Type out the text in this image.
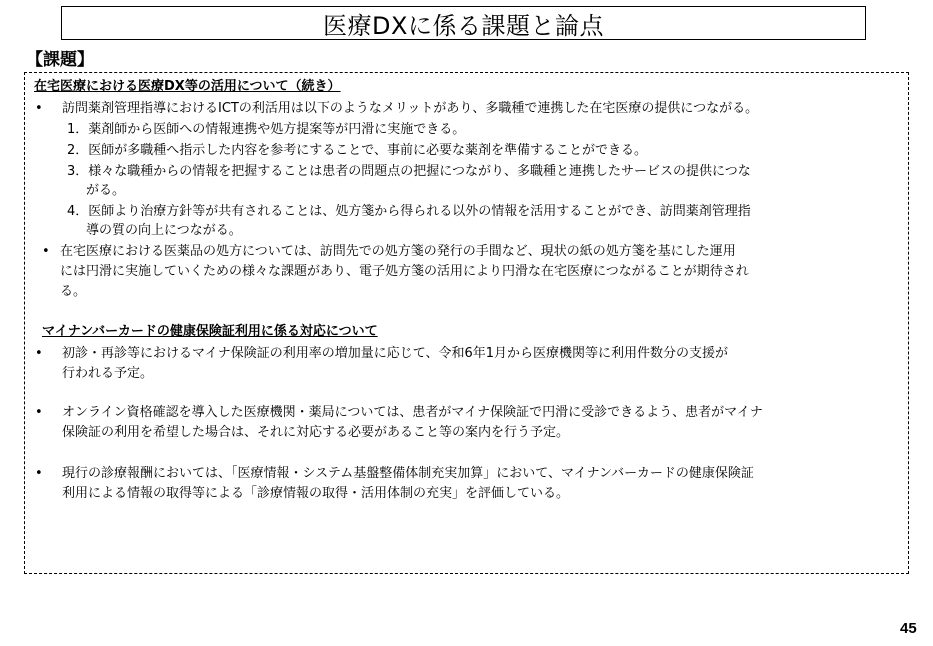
医療DXに係る課題と論点
【課題】
在宅医療における医療DX等の活用について（続き）
• 訪問薬剤管理指導におけるICTの利活用は以下のようなメリットがあり、多職種で連携した在宅医療の提供につながる。
1．薬剤師から医師への情報連携や処方提案等が円滑に実施できる。
2．医師が多職種へ指示した内容を参考にすることで、事前に必要な薬剤を準備することができる。
3．様々な職種からの情報を把握することは患者の問題点の把握につながり、多職種と連携したサービスの提供につな
がる。
4．医師より治療方針等が共有されることは、処方箋から得られる以外の情報を活用することができ、訪問薬剤管理指
導の質の向上につながる。
• 在宅医療における医薬品の処方については、訪問先での処方箋の発行の手間など、現状の紙の処方箋を基にした運用
には円滑に実施していくための様々な課題があり、電子処方箋の活用により円滑な在宅医療につながることが期待され
る。
マイナンバーカードの健康保険証利用に係る対応について
• 初診・再診等におけるマイナ保険証の利用率の増加量に応じて、令和6年1月から医療機関等に利用件数分の支援が
行われる予定。
• オンライン資格確認を導入した医療機関・薬局については、患者がマイナ保険証で円滑に受診できるよう、患者がマイナ
保険証の利用を希望した場合は、それに対応する必要があること等の案内を行う予定。
• 現行の診療報酬においては、「医療情報・システム基盤整備体制充実加算」において、マイナンバーカードの健康保険証
利用による情報の取得等による「診療情報の取得・活用体制の充実」を評価している。
45
